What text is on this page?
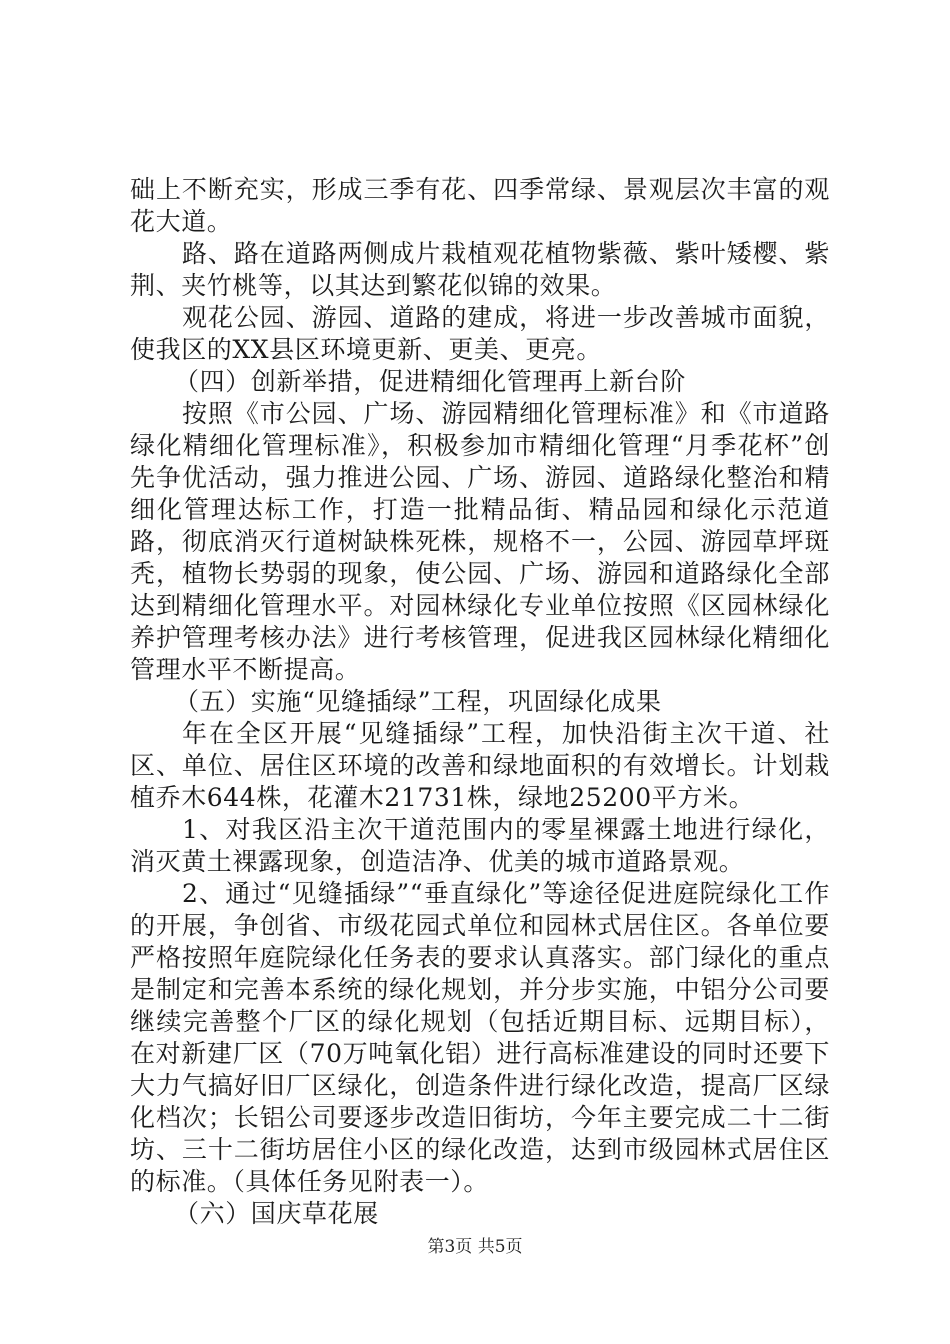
础上不断充实，形成三季有花、四季常绿、景观层次丰富的观花大道。

路、路在道路两侧成片栽植观花植物紫薇、紫叶矮樱、紫荆、夹竹桃等，以其达到繁花似锦的效果。

观花公园、游园、道路的建成，将进一步改善城市面貌，使我区的XX县区环境更新、更美、更亮。

（四）创新举措，促进精细化管理再上新台阶

按照《市公园、广场、游园精细化管理标准》和《市道路绿化精细化管理标准》，积极参加市精细化管理“月季花杯”创先争优活动，强力推进公园、广场、游园、道路绿化整治和精细化管理达标工作，打造一批精品街、精品园和绿化示范道路，彻底消灭行道树缺株死株，规格不一，公园、游园草坪斑秃，植物长势弱的现象，使公园、广场、游园和道路绿化全部达到精细化管理水平。对园林绿化专业单位按照《区园林绿化养护管理考核办法》进行考核管理，促进我区园林绿化精细化管理水平不断提高。

（五）实施“见缝插绿”工程，巩固绿化成果

年在全区开展“见缝插绿”工程，加快沿街主次干道、社区、单位、居住区环境的改善和绿地面积的有效增长。计划栽植乔木644株，花灌木21731株，绿地25200平方米。

1、对我区沿主次干道范围内的零星裸露土地进行绿化，消灭黄土裸露现象，创造洁净、优美的城市道路景观。

2、通过“见缝插绿”“垂直绿化”等途径促进庭院绿化工作的开展，争创省、市级花园式单位和园林式居住区。各单位要严格按照年庭院绿化任务表的要求认真落实。部门绿化的重点是制定和完善本系统的绿化规划，并分步实施，中铝分公司要继续完善整个厂区的绿化规划（包括近期目标、远期目标），在对新建厂区（70万吨氧化铝）进行高标准建设的同时还要下大力气搞好旧厂区绿化，创造条件进行绿化改造，提高厂区绿化档次；长铝公司要逐步改造旧街坊，今年主要完成二十二街坊、三十二街坊居住小区的绿化改造，达到市级园林式居住区的标准。（具体任务见附表一）。

（六）国庆草花展

第3页 共5页
